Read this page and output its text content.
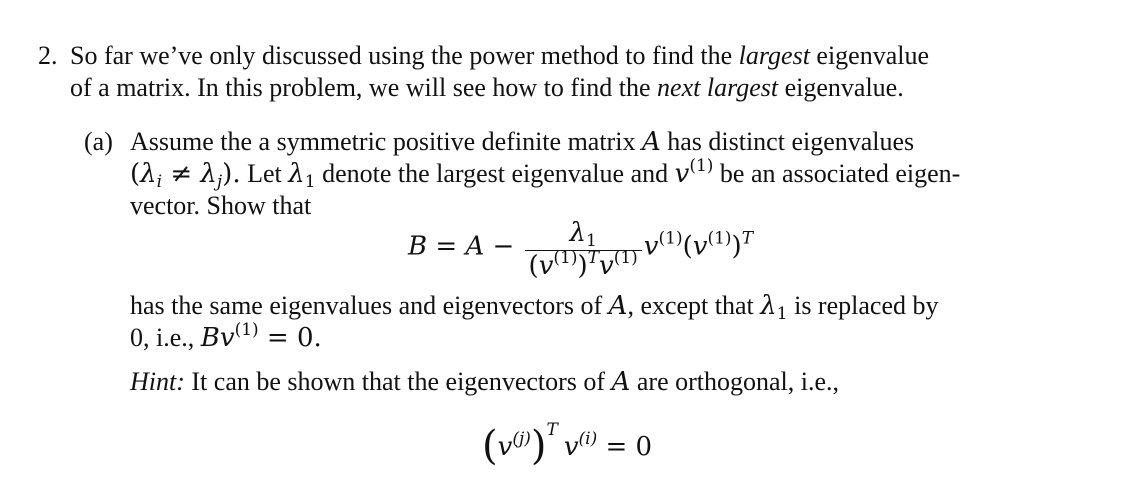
2. So far we’ve only discussed using the power method to find the largest eigenvalue
of a matrix. In this problem, we will see how to find the next largest eigenvalue.
(a) Assume the a symmetric positive definite matrix A has distinct eigenvalues
$(\lambda_i \ne \lambda_j)$. Let $\lambda_1$ denote the largest eigenvalue and $v^{(1)}$ be an associated eigen-
vector. Show that
$B = A - \frac{\lambda_1}{(v^{(1)})^Tv^{(1)}} v^{(1)}(v^{(1)})^T$
has the same eigenvalues and eigenvectors of A, except that $\lambda_1$ is replaced by
0, i.e., $Bv^{(1)} = 0$.
Hint: It can be shown that the eigenvectors of A are orthogonal, i.e.,
$(v^{(j)})^Tv^{(i)} = 0$
